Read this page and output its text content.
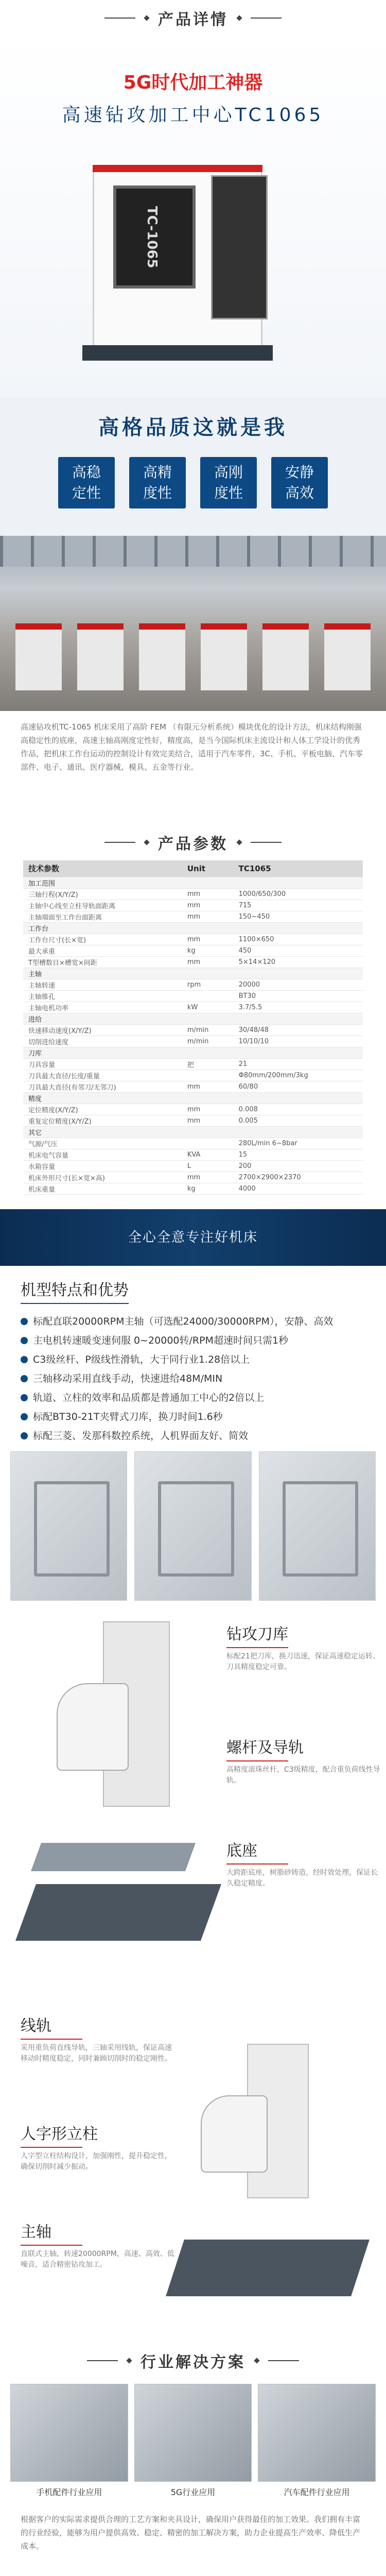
产品详情
5G时代加工神器
高速钻攻加工中心TC1065
TC-1065
高格品质这就是我
高稳
定性
高精
度性
高刚
度性
安静
高效
高速钻攻机TC-1065 机床采用了高阶 FEM （有限元分析系统）模块优化的设计方法，机床结构刚强高稳定性的底座，高速主轴高刚度定性好，精度高，是当今国际机床主流设计和人体工学设计的优秀作品，把机床工作台运动的控制设计有效完美结合，适用于汽车零件，3C、手机、平板电脑、汽车零部件、电子、通讯、医疗器械、模具、五金等行业。
产品参数
技术参数	Unit	TC1065
加工范围		
三轴行程(X/Y/Z)	mm	1000/650/300
主轴中心线至立柱导轨面距离	mm	715
主轴端面至工作台面距离	mm	150~450
工作台		
工作台尺寸(长×宽)	mm	1100×650
最大承重	kg	450
T型槽数目×槽宽×间距	mm	5×14×120
主轴		
主轴转速	rpm	20000
主轴锥孔		BT30
主轴电机功率	kW	3.7/5.5
进给		
快速移动速度(X/Y/Z)	m/min	30/48/48
切削进给速度	m/min	10/10/10
刀库		
刀具容量	把	21
刀具最大直径/长度/重量		Φ80mm/200mm/3kg
刀具最大直径(有邻刀/无邻刀)	mm	60/80
精度		
定位精度(X/Y/Z)	mm	0.008
重复定位精度(X/Y/Z)	mm	0.005
其它		
气源/气压		280L/min 6~8bar
机床电气容量	KVA	15
水箱容量	L	200
机床外形尺寸(长×宽×高)	mm	2700×2900×2370
机床重量	kg	4000
全心全意专注好机床
机型特点和优势
标配直联20000RPM主轴（可选配24000/30000RPM），安静、高效
主电机转速暖变速伺服 0~20000转/RPM超速时间只需1秒
C3级丝杆、P级线性滑轨，大于同行业1.28倍以上
三轴移动采用直线手动，快速进给48M/MIN
轨道、立柱的效率和品质都是普通加工中心的2倍以上
标配BT30-21T夹臂式刀库，换刀时间1.6秒
标配三菱、发那科数控系统，人机界面友好、简效
钻攻刀库
标配21把刀库，换刀迅速，保证高速稳定运转、刀具精度稳定可靠。
螺杆及导轨
高精度滚珠丝杆，C3级精度，配合重负荷线性导轨。
底座
大跨距底座，树脂砂铸造，经时效处理，保证长久稳定精度。
线轨
采用重负荷直线导轨，三轴采用线轨，保证高速移动时精度稳定，同时兼顾切削时的稳定刚性。
人字形立柱
人字型立柱结构设计，加强刚性，提升稳定性，确保切削时减少振动。
主轴
直联式主轴，转速20000RPM，高速、高效、低噪音，适合精密钻攻加工。
行业解决方案
手机配件行业应用	5G行业应用	汽车配件行业应用
根据客户的实际需求提供合理的工艺方案和夹具设计，确保用户获得最佳的加工效果。我们拥有丰富的行业经验，能够为用户提供高效、稳定、精密的加工解决方案，助力企业提高生产效率、降低生产成本。
